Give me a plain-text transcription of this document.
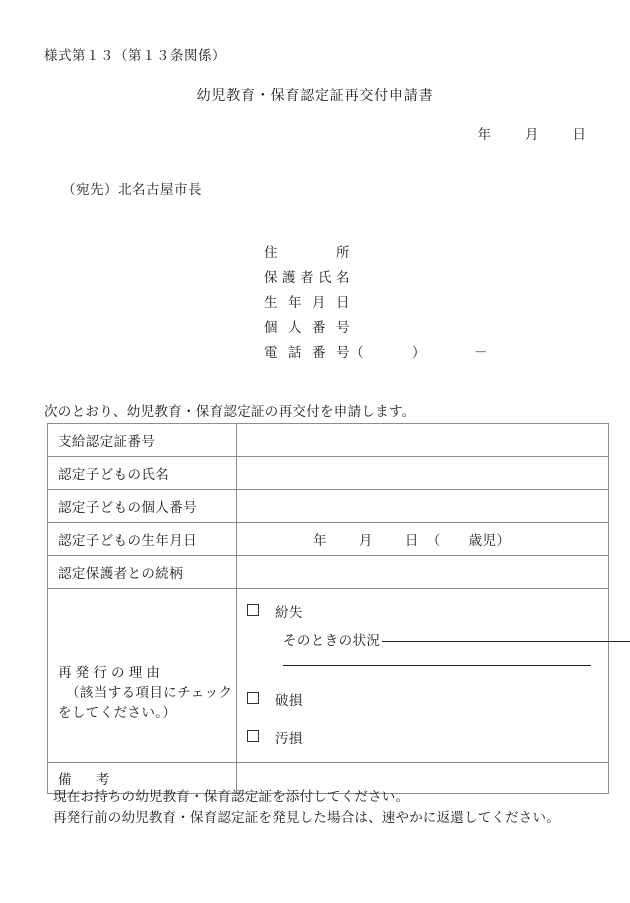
様式第１３（第１３条関係）
幼児教育・保育認定証再交付申請書
年	月	日
（宛先）北名古屋市長
住所
保護者氏名
生年月日
個人番号
電話番号（	）	－
次のとおり、幼児教育・保育認定証の再交付を申請します。
支給認定証番号	
認定子どもの氏名	
認定子どもの個人番号	
認定子どもの生年月日	年 月 日 （ 歳児）
認定保護者との続柄	

再 発 行 の 理 由
（該当する項目にチェック
をしてください。）

紛失
そのときの状況
破損
汚損

備 考	
現在お持ちの幼児教育・保育認定証を添付してください。
再発行前の幼児教育・保育認定証を発見した場合は、速やかに返還してください。
